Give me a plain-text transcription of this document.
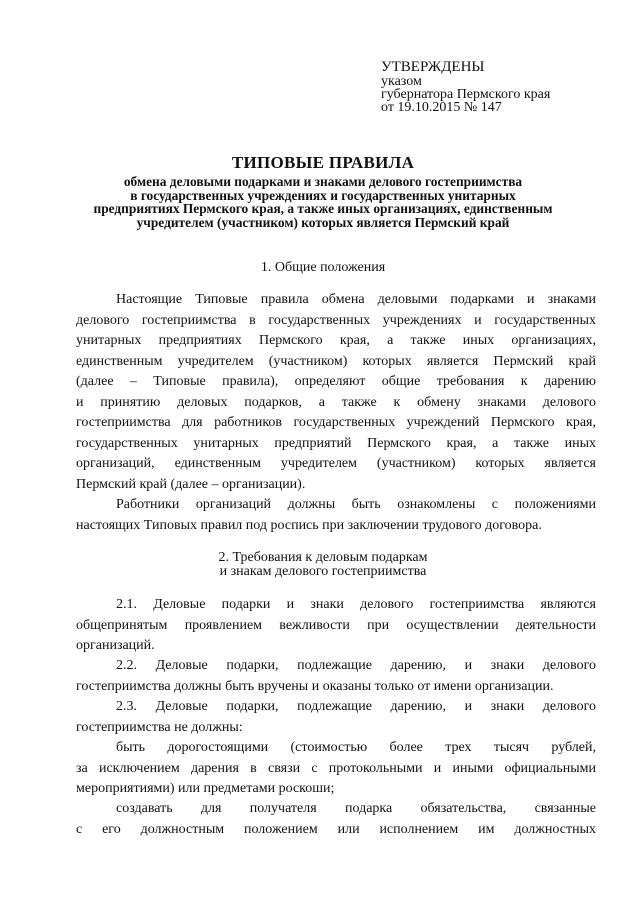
УТВЕРЖДЕНЫ
указом
губернатора Пермского края
от 19.10.2015 № 147
ТИПОВЫЕ ПРАВИЛА
обмена деловыми подарками и знаками делового гостеприимства
в государственных учреждениях и государственных унитарных
предприятиях Пермского края, а также иных организациях, единственным
учредителем (участником) которых является Пермский край
1. Общие положения
Настоящие Типовые правила обмена деловыми подарками и знаками
делового гостеприимства в государственных учреждениях и государственных
унитарных предприятиях Пермского края, а также иных организациях,
единственным учредителем (участником) которых является Пермский край
(далее – Типовые правила), определяют общие требования к дарению
и принятию деловых подарков, а также к обмену знаками делового
гостеприимства для работников государственных учреждений Пермского края,
государственных унитарных предприятий Пермского края, а также иных
организаций, единственным учредителем (участником) которых является
Пермский край (далее – организации).
Работники организаций должны быть ознакомлены с положениями
настоящих Типовых правил под роспись при заключении трудового договора.
2. Требования к деловым подаркам
и знакам делового гостеприимства
2.1. Деловые подарки и знаки делового гостеприимства являются
общепринятым проявлением вежливости при осуществлении деятельности
организаций.
2.2. Деловые подарки, подлежащие дарению, и знаки делового
гостеприимства должны быть вручены и оказаны только от имени организации.
2.3. Деловые подарки, подлежащие дарению, и знаки делового
гостеприимства не должны:
быть дорогостоящими (стоимостью более трех тысяч рублей,
за исключением дарения в связи с протокольными и иными официальными
мероприятиями) или предметами роскоши;
создавать для получателя подарка обязательства, связанные
с его должностным положением или исполнением им должностных
